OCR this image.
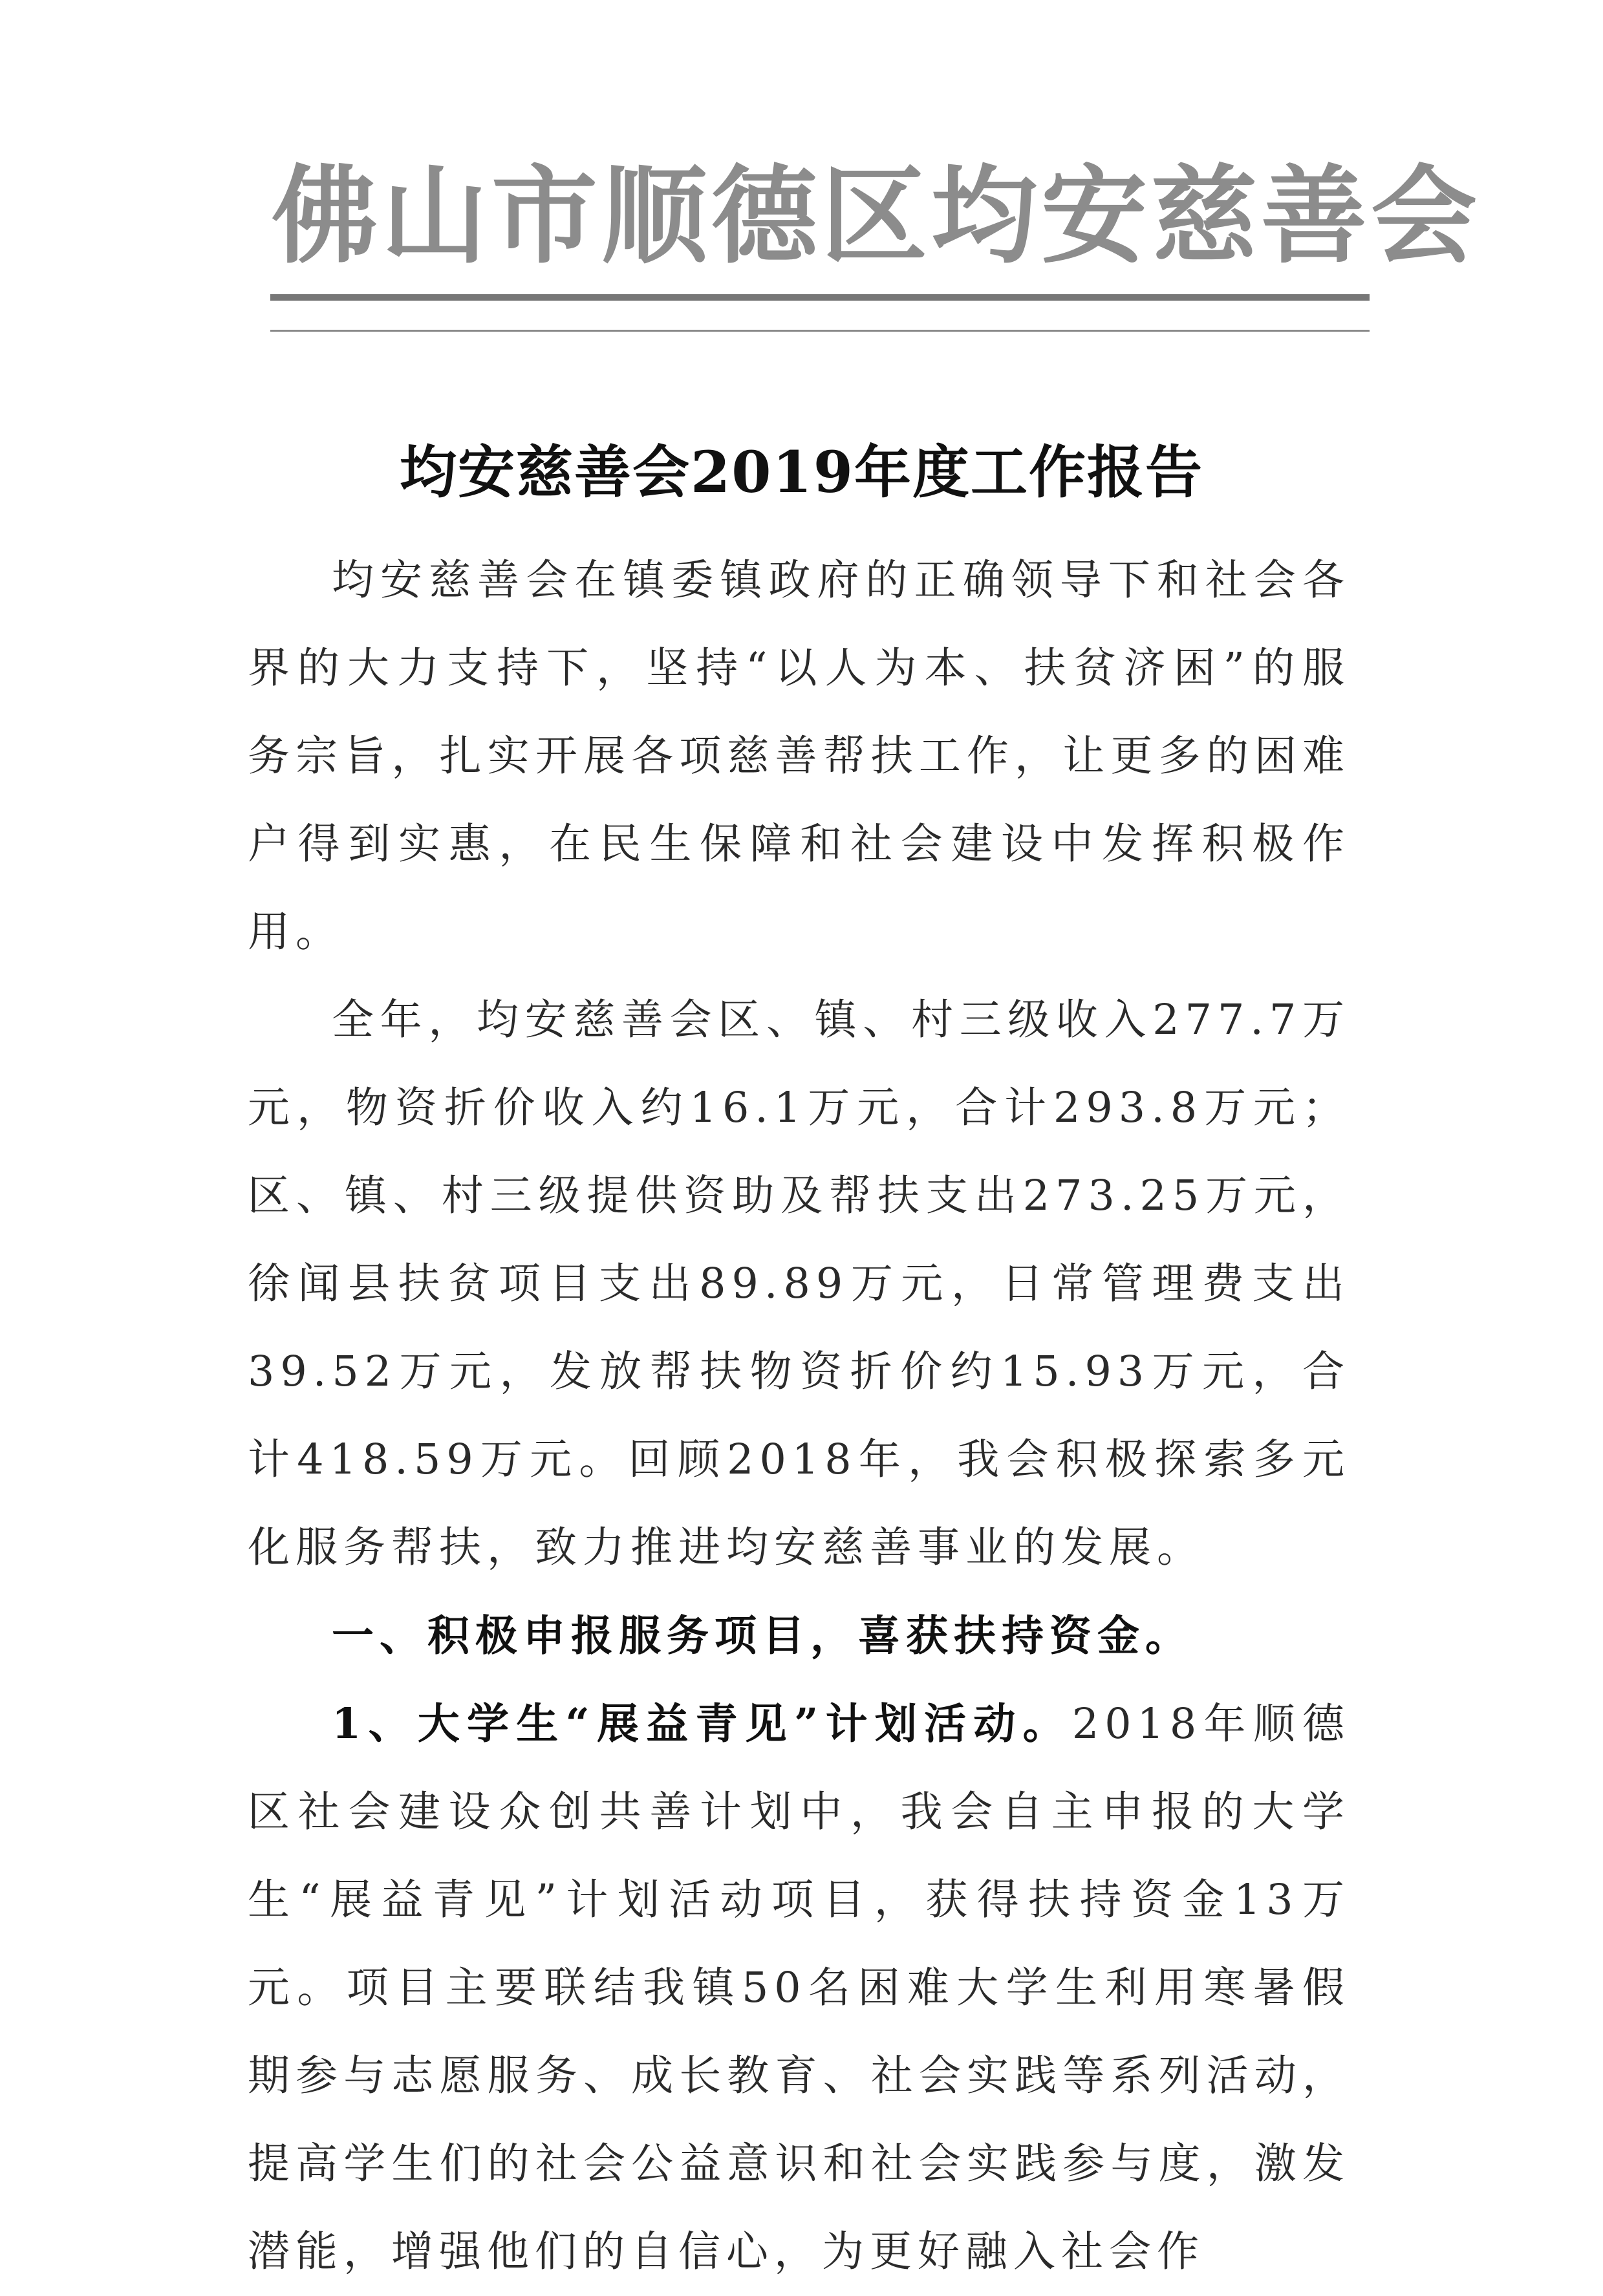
佛山市顺德区均安慈善会
均安慈善会2019年度工作报告

均安慈善会在镇委镇政府的正确领导下和社会各界的大力支持下，坚持“以人为本、扶贫济困”的服务宗旨，扎实开展各项慈善帮扶工作，让更多的困难户得到实惠，在民生保障和社会建设中发挥积极作用。

全年，均安慈善会区、镇、村三级收入277.7万元，物资折价收入约16.1万元，合计293.8万元；区、镇、村三级提供资助及帮扶支出273.25万元，徐闻县扶贫项目支出89.89万元，日常管理费支出39.52万元，发放帮扶物资折价约15.93万元，合计418.59万元。回顾2018年，我会积极探索多元化服务帮扶，致力推进均安慈善事业的发展。

一、积极申报服务项目，喜获扶持资金。

1、大学生“展益青见”计划活动。2018年顺德区社会建设众创共善计划中，我会自主申报的大学生“展益青见”计划活动项目，获得扶持资金13万元。项目主要联结我镇50名困难大学生利用寒暑假期参与志愿服务、成长教育、社会实践等系列活动，提高学生们的社会公益意识和社会实践参与度，激发潜能，增强他们的自信心，为更好融入社会作
